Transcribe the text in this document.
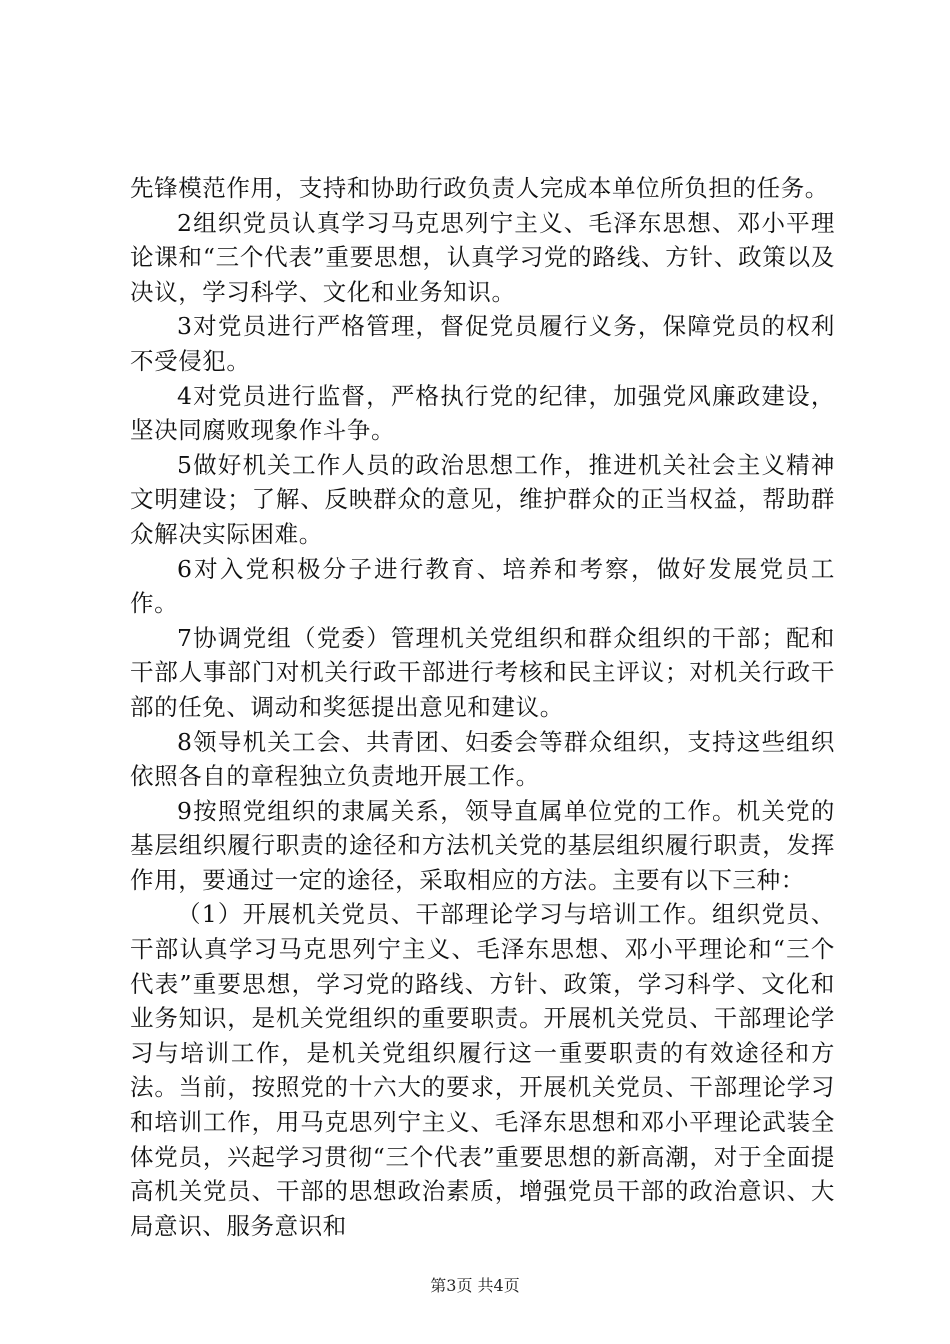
先锋模范作用，支持和协助行政负责人完成本单位所负担的任务。

2组织党员认真学习马克思列宁主义、毛泽东思想、邓小平理论课和“三个代表”重要思想，认真学习党的路线、方针、政策以及决议，学习科学、文化和业务知识。

3对党员进行严格管理，督促党员履行义务，保障党员的权利不受侵犯。

4对党员进行监督，严格执行党的纪律，加强党风廉政建设，坚决同腐败现象作斗争。

5做好机关工作人员的政治思想工作，推进机关社会主义精神文明建设；了解、反映群众的意见，维护群众的正当权益，帮助群众解决实际困难。

6对入党积极分子进行教育、培养和考察，做好发展党员工作。

7协调党组（党委）管理机关党组织和群众组织的干部；配和干部人事部门对机关行政干部进行考核和民主评议；对机关行政干部的任免、调动和奖惩提出意见和建议。

8领导机关工会、共青团、妇委会等群众组织，支持这些组织依照各自的章程独立负责地开展工作。

9按照党组织的隶属关系，领导直属单位党的工作。机关党的基层组织履行职责的途径和方法机关党的基层组织履行职责，发挥作用，要通过一定的途径，采取相应的方法。主要有以下三种：

（1）开展机关党员、干部理论学习与培训工作。组织党员、干部认真学习马克思列宁主义、毛泽东思想、邓小平理论和“三个代表”重要思想，学习党的路线、方针、政策，学习科学、文化和业务知识，是机关党组织的重要职责。开展机关党员、干部理论学习与培训工作，是机关党组织履行这一重要职责的有效途径和方法。当前，按照党的十六大的要求，开展机关党员、干部理论学习和培训工作，用马克思列宁主义、毛泽东思想和邓小平理论武装全体党员，兴起学习贯彻“三个代表”重要思想的新高潮，对于全面提高机关党员、干部的思想政治素质，增强党员干部的政治意识、大局意识、服务意识和

第3页 共4页
